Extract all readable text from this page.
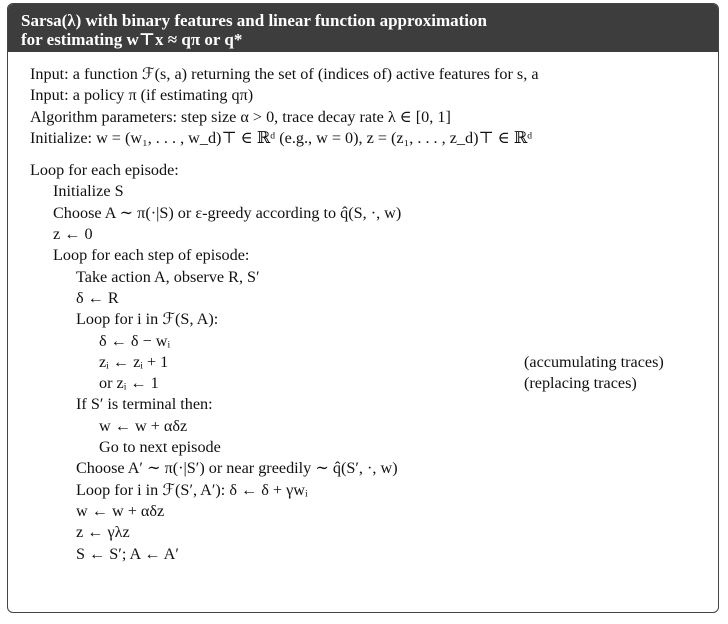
Sarsa(λ) with binary features and linear function approximation
for estimating w⊤x ≈ qπ or q*
Input: a function ℱ(s, a) returning the set of (indices of) active features for s, a
Input: a policy π (if estimating qπ)
Algorithm parameters: step size α > 0, trace decay rate λ ∈ [0, 1]
Initialize: w = (w₁, . . . , w_d)⊤ ∈ ℝᵈ (e.g., w = 0), z = (z₁, . . . , z_d)⊤ ∈ ℝᵈ
Loop for each episode:
Initialize S
Choose A ∼ π(·|S) or ε-greedy according to q̂(S, ·, w)
z ← 0
Loop for each step of episode:
Take action A, observe R, S′
δ ← R
Loop for i in ℱ(S, A):
δ ← δ − wᵢ
zᵢ ← zᵢ + 1	(accumulating traces)
or zᵢ ← 1	(replacing traces)
If S′ is terminal then:
w ← w + αδz
Go to next episode
Choose A′ ∼ π(·|S′) or near greedily ∼ q̂(S′, ·, w)
Loop for i in ℱ(S′, A′): δ ← δ + γwᵢ
w ← w + αδz
z ← γλz
S ← S′; A ← A′
